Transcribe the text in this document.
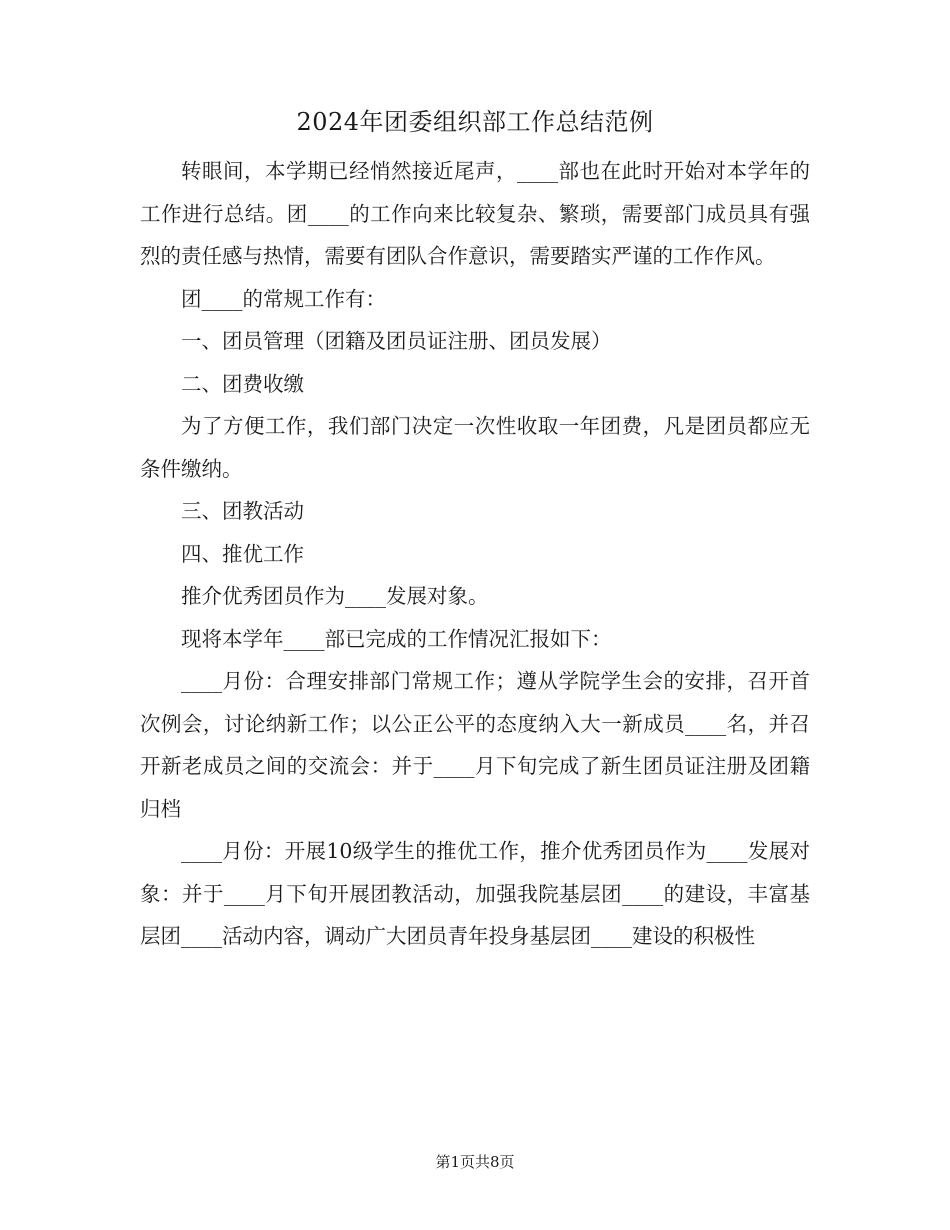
2024年团委组织部工作总结范例

转眼间，本学期已经悄然接近尾声，____部也在此时开始对本学年的工作进行总结。团____的工作向来比较复杂、繁琐，需要部门成员具有强烈的责任感与热情，需要有团队合作意识，需要踏实严谨的工作作风。

团____的常规工作有：

一、团员管理（团籍及团员证注册、团员发展）

二、团费收缴

为了方便工作，我们部门决定一次性收取一年团费，凡是团员都应无条件缴纳。

三、团教活动

四、推优工作

推介优秀团员作为____发展对象。

现将本学年____部已完成的工作情况汇报如下：

____月份：合理安排部门常规工作；遵从学院学生会的安排，召开首次例会，讨论纳新工作；以公正公平的态度纳入大一新成员____名，并召开新老成员之间的交流会：并于____月下旬完成了新生团员证注册及团籍归档

____月份：开展10级学生的推优工作，推介优秀团员作为____发展对象：并于____月下旬开展团教活动，加强我院基层团____的建设，丰富基层团____活动内容，调动广大团员青年投身基层团____建设的积极性

第1页共8页
